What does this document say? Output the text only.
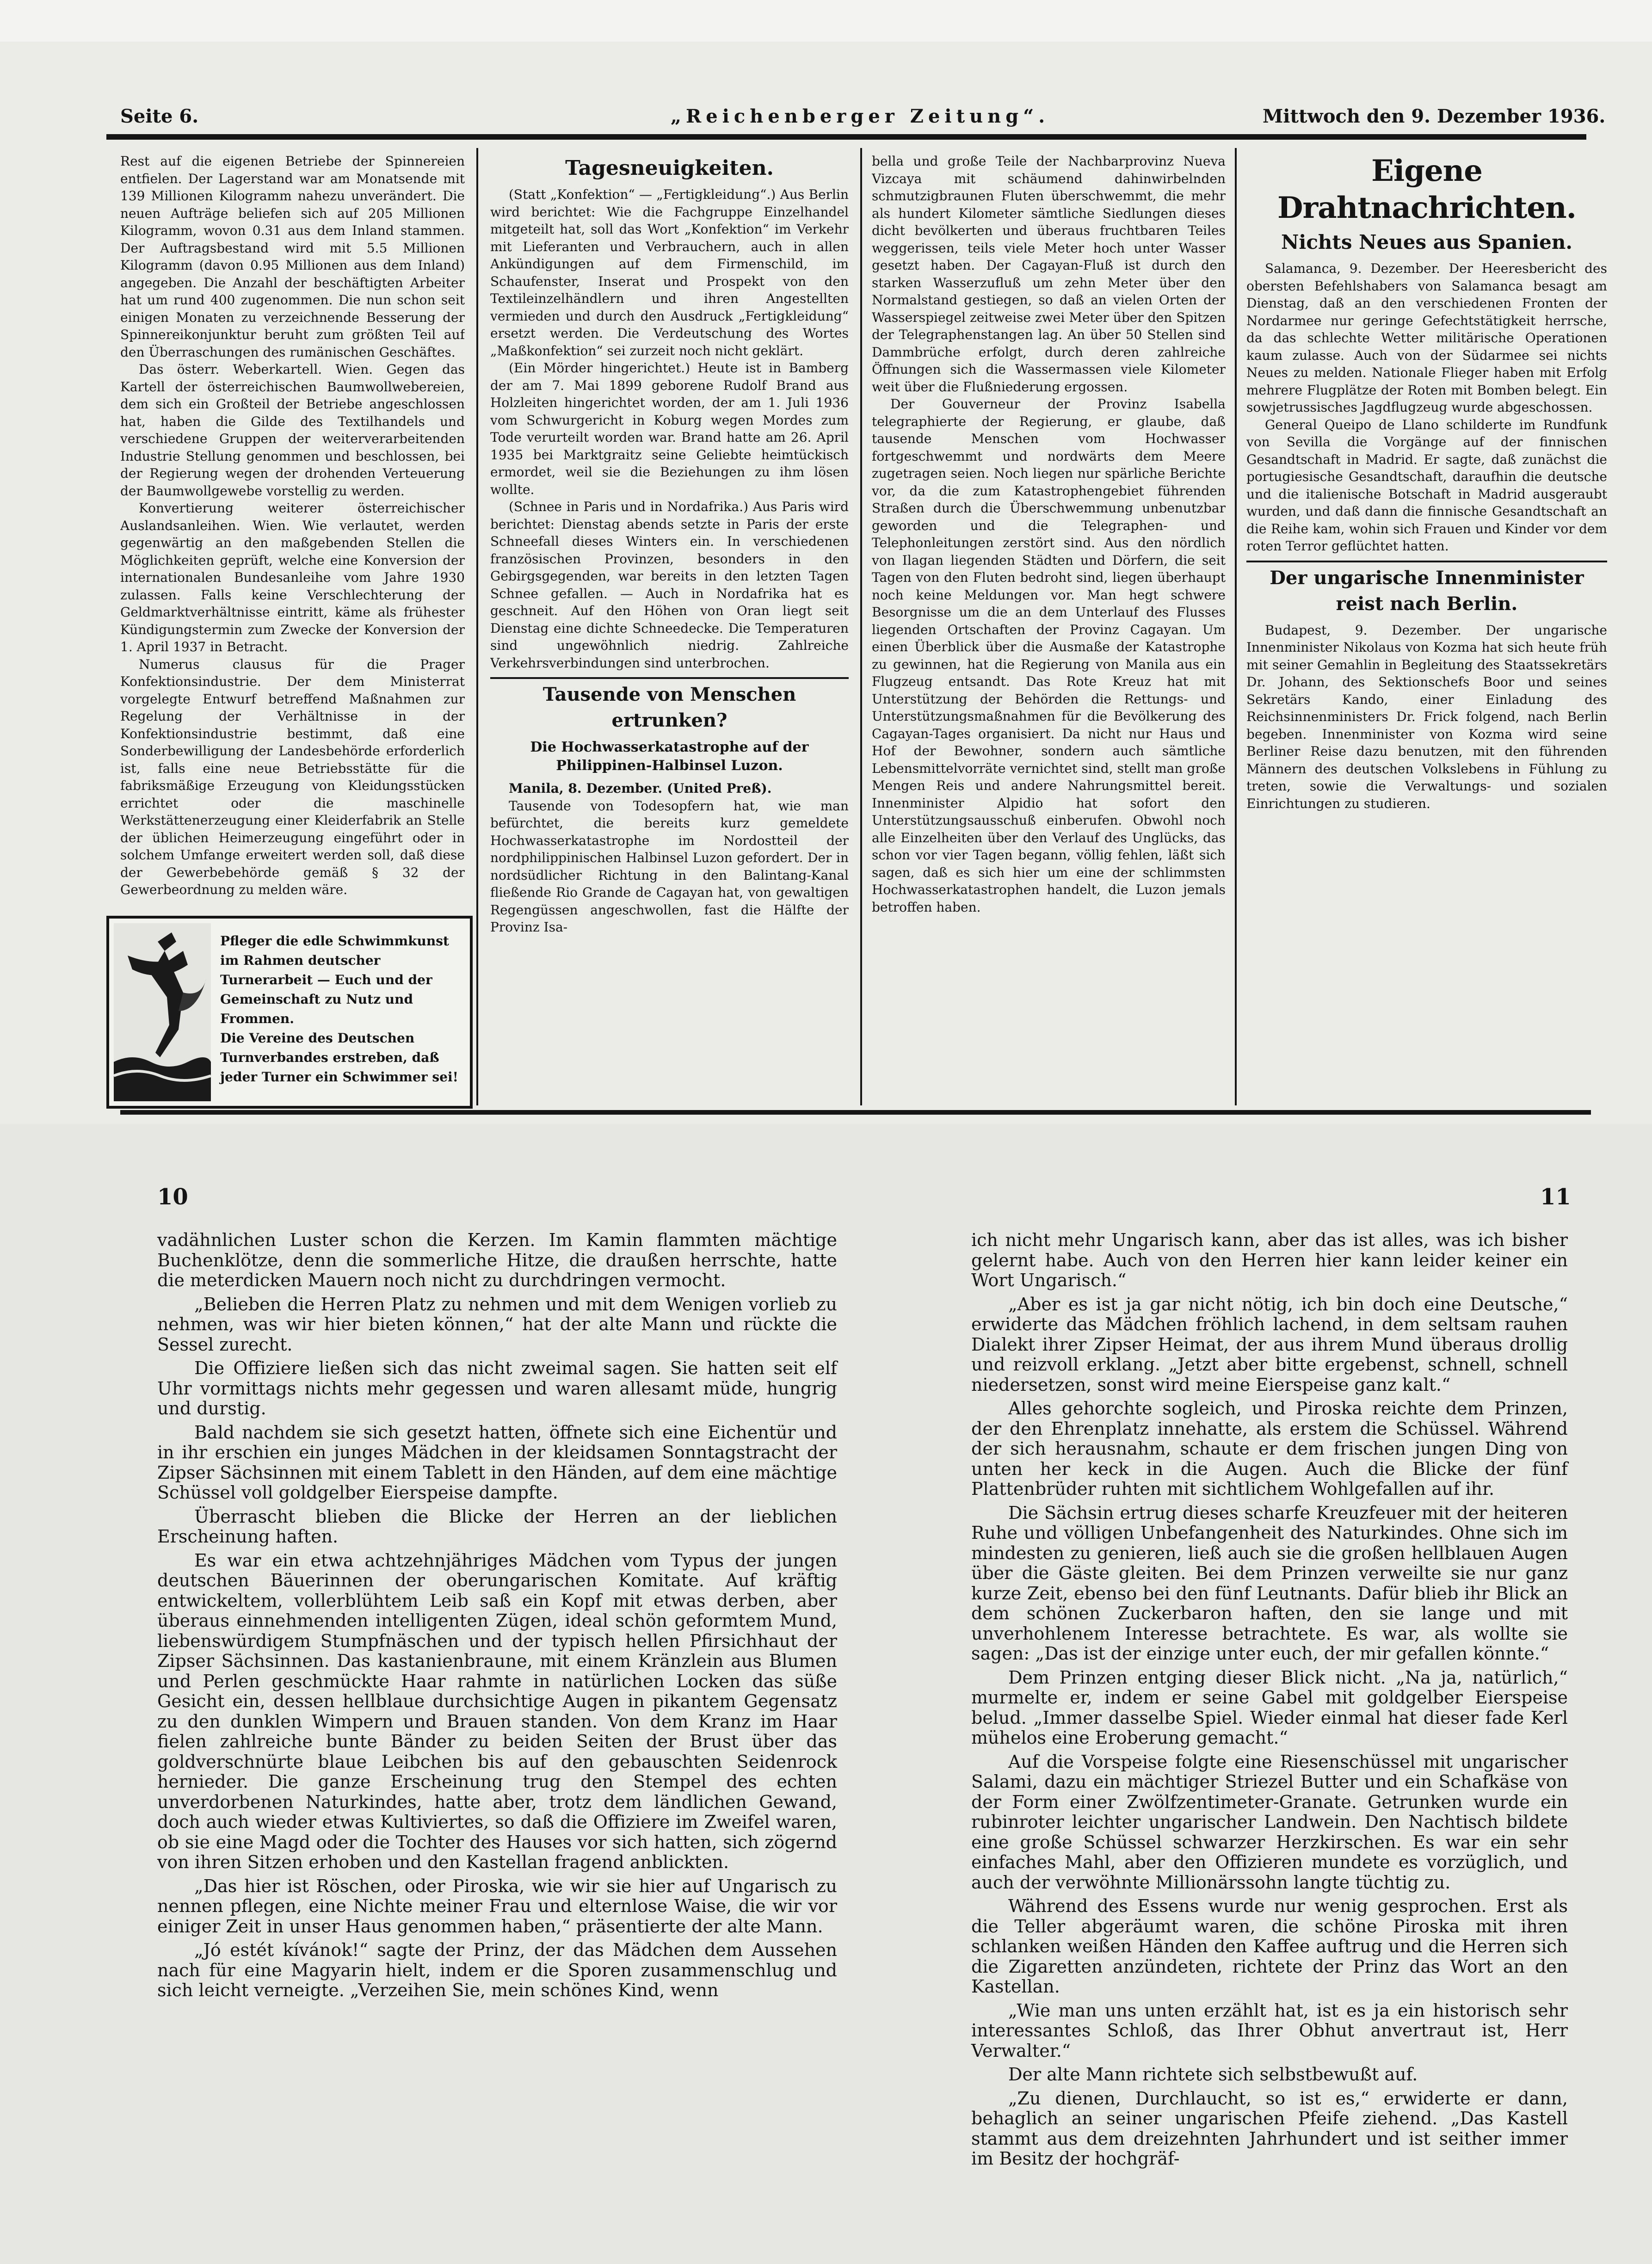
Seite 6.	„Reichenberger Zeitung“.	Mittwoch den 9. Dezember 1936.

Rest auf die eigenen Betriebe der Spinnereien entfielen. Der Lagerstand war am Monatsende mit 139 Millionen Kilogramm nahezu unverändert. Die neuen Aufträge beliefen sich auf 205 Millionen Kilogramm, wovon 0.31 aus dem Inland stammen. Der Auftragsbestand wird mit 5.5 Millionen Kilogramm (davon 0.95 Millionen aus dem Inland) angegeben. Die Anzahl der beschäftigten Arbeiter hat um rund 400 zugenommen. Die nun schon seit einigen Monaten zu verzeichnende Besserung der Spinnereikonjunktur beruht zum größten Teil auf den Überraschungen des rumänischen Geschäftes.

Das österr. Weberkartell. Wien. Gegen das Kartell der österreichischen Baumwollwebereien, dem sich ein Großteil der Betriebe angeschlossen hat, haben die Gilde des Textilhandels und verschiedene Gruppen der weiterverarbeitenden Industrie Stellung genommen und beschlossen, bei der Regierung wegen der drohenden Verteuerung der Baumwollgewebe vorstellig zu werden.

Konvertierung weiterer österreichischer Auslandsanleihen. Wien. Wie verlautet, werden gegenwärtig an den maßgebenden Stellen die Möglichkeiten geprüft, welche eine Konversion der internationalen Bundesanleihe vom Jahre 1930 zulassen. Falls keine Verschlechterung der Geldmarktverhältnisse eintritt, käme als frühester Kündigungstermin zum Zwecke der Konversion der 1. April 1937 in Betracht.

Numerus clausus für die Prager Konfektionsindustrie. Der dem Ministerrat vorgelegte Entwurf betreffend Maßnahmen zur Regelung der Verhältnisse in der Konfektionsindustrie bestimmt, daß eine Sonderbewilligung der Landesbehörde erforderlich ist, falls eine neue Betriebsstätte für die fabriksmäßige Erzeugung von Kleidungsstücken errichtet oder die maschinelle Werkstättenerzeugung einer Kleiderfabrik an Stelle der üblichen Heimerzeugung eingeführt oder in solchem Umfange erweitert werden soll, daß diese der Gewerbebehörde gemäß § 32 der Gewerbeordnung zu melden wäre.

Pfleger die edle Schwimmkunst
im Rahmen deutscher Turnerarbeit — Euch und der Gemeinschaft zu Nutz und Frommen.
Die Vereine des Deutschen Turnverbandes erstreben, daß jeder Turner ein Schwimmer sei!
Tagesneuigkeiten.

(Statt „Konfektion“ — „Fertigkleidung“.) Aus Berlin wird berichtet: Wie die Fachgruppe Einzelhandel mitgeteilt hat, soll das Wort „Konfektion“ im Verkehr mit Lieferanten und Verbrauchern, auch in allen Ankündigungen auf dem Firmenschild, im Schaufenster, Inserat und Prospekt von den Textileinzelhändlern und ihren Angestellten vermieden und durch den Ausdruck „Fertigkleidung“ ersetzt werden. Die Verdeutschung des Wortes „Maßkonfektion“ sei zurzeit noch nicht geklärt.

(Ein Mörder hingerichtet.) Heute ist in Bamberg der am 7. Mai 1899 geborene Rudolf Brand aus Holzleiten hingerichtet worden, der am 1. Juli 1936 vom Schwurgericht in Koburg wegen Mordes zum Tode verurteilt worden war. Brand hatte am 26. April 1935 bei Marktgraitz seine Geliebte heimtückisch ermordet, weil sie die Beziehungen zu ihm lösen wollte.

(Schnee in Paris und in Nordafrika.) Aus Paris wird berichtet: Dienstag abends setzte in Paris der erste Schneefall dieses Winters ein. In verschiedenen französischen Provinzen, besonders in den Gebirgsgegenden, war bereits in den letzten Tagen Schnee gefallen. — Auch in Nordafrika hat es geschneit. Auf den Höhen von Oran liegt seit Dienstag eine dichte Schneedecke. Die Temperaturen sind ungewöhnlich niedrig. Zahlreiche Verkehrsverbindungen sind unterbrochen.

Tausende von Menschen ertrunken?
Die Hochwasserkatastrophe auf der Philippinen-Halbinsel Luzon.

Manila, 8. Dezember. (United Preß).

Tausende von Todesopfern hat, wie man befürchtet, die bereits kurz gemeldete Hochwasserkatastrophe im Nordostteil der nordphilippinischen Halbinsel Luzon gefordert. Der in nordsüdlicher Richtung in den Balintang-Kanal fließende Rio Grande de Cagayan hat, von gewaltigen Regengüssen angeschwollen, fast die Hälfte der Provinz Isa-

bella und große Teile der Nachbarprovinz Nueva Vizcaya mit schäumend dahinwirbelnden schmutzigbraunen Fluten überschwemmt, die mehr als hundert Kilometer sämtliche Siedlungen dieses dicht bevölkerten und überaus fruchtbaren Teiles weggerissen, teils viele Meter hoch unter Wasser gesetzt haben. Der Cagayan-Fluß ist durch den starken Wasserzufluß um zehn Meter über den Normalstand gestiegen, so daß an vielen Orten der Wasserspiegel zeitweise zwei Meter über den Spitzen der Telegraphenstangen lag. An über 50 Stellen sind Dammbrüche erfolgt, durch deren zahlreiche Öffnungen sich die Wassermassen viele Kilometer weit über die Flußniederung ergossen.

Der Gouverneur der Provinz Isabella telegraphierte der Regierung, er glaube, daß tausende Menschen vom Hochwasser fortgeschwemmt und nordwärts dem Meere zugetragen seien. Noch liegen nur spärliche Berichte vor, da die zum Katastrophengebiet führenden Straßen durch die Überschwemmung unbenutzbar geworden und die Telegraphen- und Telephonleitungen zerstört sind. Aus den nördlich von Ilagan liegenden Städten und Dörfern, die seit Tagen von den Fluten bedroht sind, liegen überhaupt noch keine Meldungen vor. Man hegt schwere Besorgnisse um die an dem Unterlauf des Flusses liegenden Ortschaften der Provinz Cagayan. Um einen Überblick über die Ausmaße der Katastrophe zu gewinnen, hat die Regierung von Manila aus ein Flugzeug entsandt. Das Rote Kreuz hat mit Unterstützung der Behörden die Rettungs- und Unterstützungsmaßnahmen für die Bevölkerung des Cagayan-Tages organisiert. Da nicht nur Haus und Hof der Bewohner, sondern auch sämtliche Lebensmittelvorräte vernichtet sind, stellt man große Mengen Reis und andere Nahrungsmittel bereit. Innenminister Alpidio hat sofort den Unterstützungsausschuß einberufen. Obwohl noch alle Einzelheiten über den Verlauf des Unglücks, das schon vor vier Tagen begann, völlig fehlen, läßt sich sagen, daß es sich hier um eine der schlimmsten Hochwasserkatastrophen handelt, die Luzon jemals betroffen haben.

Eigene Drahtnachrichten.
Nichts Neues aus Spanien.

Salamanca, 9. Dezember. Der Heeresbericht des obersten Befehlshabers von Salamanca besagt am Dienstag, daß an den verschiedenen Fronten der Nordarmee nur geringe Gefechtstätigkeit herrsche, da das schlechte Wetter militärische Operationen kaum zulasse. Auch von der Südarmee sei nichts Neues zu melden. Nationale Flieger haben mit Erfolg mehrere Flugplätze der Roten mit Bomben belegt. Ein sowjetrussisches Jagdflugzeug wurde abgeschossen.

General Queipo de Llano schilderte im Rundfunk von Sevilla die Vorgänge auf der finnischen Gesandtschaft in Madrid. Er sagte, daß zunächst die portugiesische Gesandtschaft, daraufhin die deutsche und die italienische Botschaft in Madrid ausgeraubt wurden, und daß dann die finnische Gesandtschaft an die Reihe kam, wohin sich Frauen und Kinder vor dem roten Terror geflüchtet hatten.

Der ungarische Innenminister reist nach Berlin.

Budapest, 9. Dezember. Der ungarische Innenminister Nikolaus von Kozma hat sich heute früh mit seiner Gemahlin in Begleitung des Staatssekretärs Dr. Johann, des Sektionschefs Boor und seines Sekretärs Kando, einer Einladung des Reichsinnenministers Dr. Frick folgend, nach Berlin begeben. Innenminister von Kozma wird seine Berliner Reise dazu benutzen, mit den führenden Männern des deutschen Volkslebens in Fühlung zu treten, sowie die Verwaltungs- und sozialen Einrichtungen zu studieren.

10	11

vadähnlichen Luster schon die Kerzen. Im Kamin flammten mächtige Buchenklötze, denn die sommerliche Hitze, die draußen herrschte, hatte die meterdicken Mauern noch nicht zu durchdringen vermocht.

„Belieben die Herren Platz zu nehmen und mit dem Wenigen vorlieb zu nehmen, was wir hier bieten können,“ hat der alte Mann und rückte die Sessel zurecht.

Die Offiziere ließen sich das nicht zweimal sagen. Sie hatten seit elf Uhr vormittags nichts mehr gegessen und waren allesamt müde, hungrig und durstig.

Bald nachdem sie sich gesetzt hatten, öffnete sich eine Eichentür und in ihr erschien ein junges Mädchen in der kleidsamen Sonntagstracht der Zipser Sächsinnen mit einem Tablett in den Händen, auf dem eine mächtige Schüssel voll goldgelber Eierspeise dampfte.

Überrascht blieben die Blicke der Herren an der lieblichen Erscheinung haften.

Es war ein etwa achtzehnjähriges Mädchen vom Typus der jungen deutschen Bäuerinnen der oberungarischen Komitate. Auf kräftig entwickeltem, vollerblühtem Leib saß ein Kopf mit etwas derben, aber überaus einnehmenden intelligenten Zügen, ideal schön geformtem Mund, liebenswürdigem Stumpfnäschen und der typisch hellen Pfirsichhaut der Zipser Sächsinnen. Das kastanienbraune, mit einem Kränzlein aus Blumen und Perlen geschmückte Haar rahmte in natürlichen Locken das süße Gesicht ein, dessen hellblaue durchsichtige Augen in pikantem Gegensatz zu den dunklen Wimpern und Brauen standen. Von dem Kranz im Haar fielen zahlreiche bunte Bänder zu beiden Seiten der Brust über das goldverschnürte blaue Leibchen bis auf den gebauschten Seidenrock hernieder. Die ganze Erscheinung trug den Stempel des echten unverdorbenen Naturkindes, hatte aber, trotz dem ländlichen Gewand, doch auch wieder etwas Kultiviertes, so daß die Offiziere im Zweifel waren, ob sie eine Magd oder die Tochter des Hauses vor sich hatten, sich zögernd von ihren Sitzen erhoben und den Kastellan fragend anblickten.

„Das hier ist Röschen, oder Piroska, wie wir sie hier auf Ungarisch zu nennen pflegen, eine Nichte meiner Frau und elternlose Waise, die wir vor einiger Zeit in unser Haus genommen haben,“ präsentierte der alte Mann.

„Jó estét kívánok!“ sagte der Prinz, der das Mädchen dem Aussehen nach für eine Magyarin hielt, indem er die Sporen zusammenschlug und sich leicht verneigte. „Verzeihen Sie, mein schönes Kind, wenn

ich nicht mehr Ungarisch kann, aber das ist alles, was ich bisher gelernt habe. Auch von den Herren hier kann leider keiner ein Wort Ungarisch.“

„Aber es ist ja gar nicht nötig, ich bin doch eine Deutsche,“ erwiderte das Mädchen fröhlich lachend, in dem seltsam rauhen Dialekt ihrer Zipser Heimat, der aus ihrem Mund überaus drollig und reizvoll erklang. „Jetzt aber bitte ergebenst, schnell, schnell niedersetzen, sonst wird meine Eierspeise ganz kalt.“

Alles gehorchte sogleich, und Piroska reichte dem Prinzen, der den Ehrenplatz innehatte, als erstem die Schüssel. Während der sich herausnahm, schaute er dem frischen jungen Ding von unten her keck in die Augen. Auch die Blicke der fünf Plattenbrüder ruhten mit sichtlichem Wohlgefallen auf ihr.

Die Sächsin ertrug dieses scharfe Kreuzfeuer mit der heiteren Ruhe und völligen Unbefangenheit des Naturkindes. Ohne sich im mindesten zu genieren, ließ auch sie die großen hellblauen Augen über die Gäste gleiten. Bei dem Prinzen verweilte sie nur ganz kurze Zeit, ebenso bei den fünf Leutnants. Dafür blieb ihr Blick an dem schönen Zuckerbaron haften, den sie lange und mit unverhohlenem Interesse betrachtete. Es war, als wollte sie sagen: „Das ist der einzige unter euch, der mir gefallen könnte.“

Dem Prinzen entging dieser Blick nicht. „Na ja, natürlich,“ murmelte er, indem er seine Gabel mit goldgelber Eierspeise belud. „Immer dasselbe Spiel. Wieder einmal hat dieser fade Kerl mühelos eine Eroberung gemacht.“

Auf die Vorspeise folgte eine Riesenschüssel mit ungarischer Salami, dazu ein mächtiger Striezel Butter und ein Schafkäse von der Form einer Zwölfzentimeter-Granate. Getrunken wurde ein rubinroter leichter ungarischer Landwein. Den Nachtisch bildete eine große Schüssel schwarzer Herzkirschen. Es war ein sehr einfaches Mahl, aber den Offizieren mundete es vorzüglich, und auch der verwöhnte Millionärssohn langte tüchtig zu.

Während des Essens wurde nur wenig gesprochen. Erst als die Teller abgeräumt waren, die schöne Piroska mit ihren schlanken weißen Händen den Kaffee auftrug und die Herren sich die Zigaretten anzündeten, richtete der Prinz das Wort an den Kastellan.

„Wie man uns unten erzählt hat, ist es ja ein historisch sehr interessantes Schloß, das Ihrer Obhut anvertraut ist, Herr Verwalter.“

Der alte Mann richtete sich selbstbewußt auf.

„Zu dienen, Durchlaucht, so ist es,“ erwiderte er dann, behaglich an seiner ungarischen Pfeife ziehend. „Das Kastell stammt aus dem dreizehnten Jahrhundert und ist seither immer im Besitz der hochgräf-
